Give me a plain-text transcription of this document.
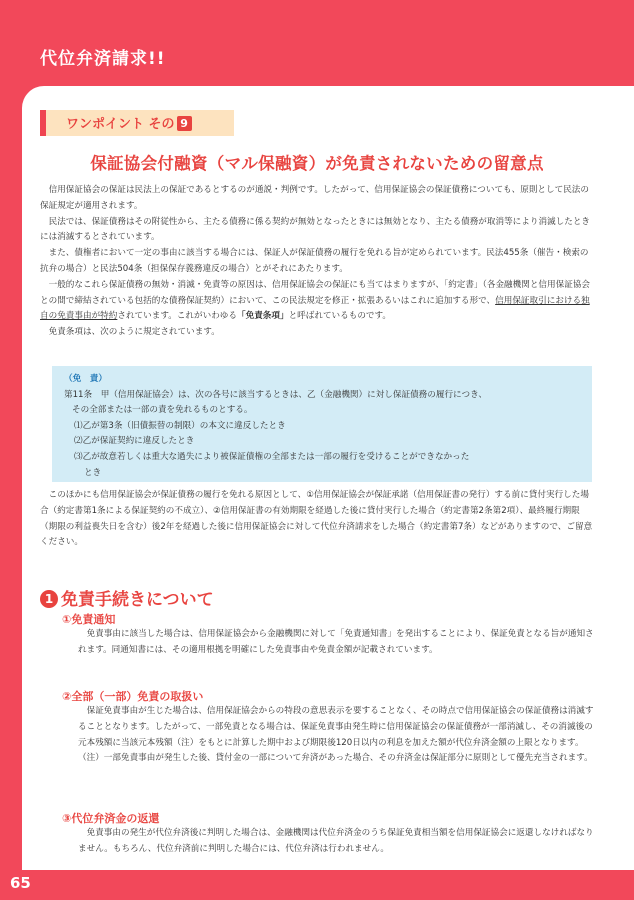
代位弁済請求!!
ワンポイント その 9
保証協会付融資（マル保融資）が免責されないための留意点

信用保証協会の保証は民法上の保証であるとするのが通説・判例です。したがって、信用保証協会の保証債務についても、原則として民法の保証規定が適用されます。

民法では、保証債務はその附従性から、主たる債務に係る契約が無効となったときには無効となり、主たる債務が取消等により消滅したときには消滅するとされています。

また、債権者において一定の事由に該当する場合には、保証人が保証債務の履行を免れる旨が定められています。民法455条（催告・検索の抗弁の場合）と民法504条（担保保存義務違反の場合）とがそれにあたります。

一般的なこれら保証債務の無効・消滅・免責等の原因は、信用保証協会の保証にも当てはまりますが、「約定書」（各金融機関と信用保証協会との間で締結されている包括的な債務保証契約）において、この民法規定を修正・拡張あるいはこれに追加する形で、信用保証取引における独自の免責事由が特約されています。これがいわゆる「免責条項」と呼ばれているものです。

免責条項は、次のように規定されています。

（免　責）

第11条　甲（信用保証協会）は、次の各号に該当するときは、乙（金融機関）に対し保証債務の履行につき、

その全部または一部の責を免れるものとする。

⑴乙が第3条（旧債振替の制限）の本文に違反したとき

⑵乙が保証契約に違反したとき

⑶乙が故意若しくは重大な過失により被保証債権の全部または一部の履行を受けることができなかった

とき

このほかにも信用保証協会が保証債務の履行を免れる原因として、①信用保証協会が保証承諾（信用保証書の発行）する前に貸付実行した場合（約定書第1条による保証契約の不成立）、②信用保証書の有効期限を経過した後に貸付実行した場合（約定書第2条第2項）、最終履行期限（期限の利益喪失日を含む）後2年を経過した後に信用保証協会に対して代位弁済請求をした場合（約定書第7条）などがありますので、ご留意ください。

1 免責手続きについて
①免責通知

免責事由に該当した場合は、信用保証協会から金融機関に対して「免責通知書」を発出することにより、保証免責となる旨が通知されます。同通知書には、その適用根拠を明確にした免責事由や免責金額が記載されています。

②全部（一部）免責の取扱い

保証免責事由が生じた場合は、信用保証協会からの特段の意思表示を要することなく、その時点で信用保証協会の保証債務は消滅することとなります。したがって、一部免責となる場合は、保証免責事由発生時に信用保証協会の保証債務が一部消滅し、その消滅後の元本残額に当該元本残額（注）をもとに計算した期中および期限後120日以内の利息を加えた額が代位弁済金額の上限となります。

（注）一部免責事由が発生した後、貸付金の一部について弁済があった場合、その弁済金は保証部分に原則として優先充当されます。

③代位弁済金の返還

免責事由の発生が代位弁済後に判明した場合は、金融機関は代位弁済金のうち保証免責相当額を信用保証協会に返還しなければなりません。もちろん、代位弁済前に判明した場合には、代位弁済は行われません。

65
